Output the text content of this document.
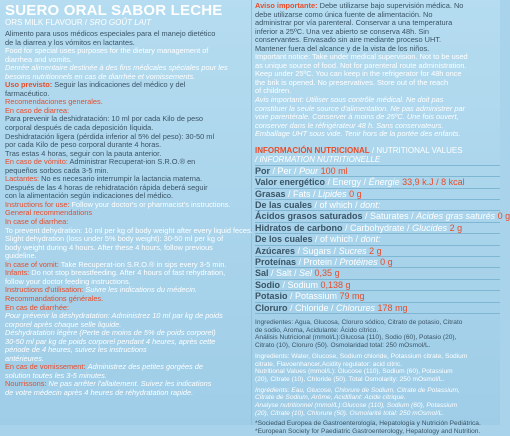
SUERO ORAL SABOR LECHE
ORS MILK FLAVOUR / SRO GOÛT LAIT

Alimento para usos médicos especiales para el manejo dietético

de la diarrea y los vómitos en lactantes.

Food for special uses purposes for the dietary management of

diarrhea and vomits.

Denrée alimentaire destinée à des fins médicales spéciales pour les

besoins nutritionnels en cas de diarrhée et vomissements.

Uso previsto: Seguir las indicaciones del médico y del

farmacéutico.

Recomendaciones generales.

En caso de diarrea:

Para prevenir la deshidratación: 10 ml por cada Kilo de peso

corporal después de cada deposición líquida.

Deshidratación ligera (pérdida inferior al 5% del peso): 30-50 ml

por cada Kilo de peso corporal durante 4 horas.

Tras estas 4 horas, seguir con la pauta anterior.

En caso de vómito: Administrar Recuperat-ion S.R.O.® en

pequeños sorbos cada 3-5 min.

Lactantes: No es necesario interrumpir la lactancia materna.

Después de las 4 horas de rehidratación rápida deberá seguir

con la alimentación según indicaciones del médico.

Instructions for use: Follow your doctor's or pharmacist's instructions.

General recommendations

In case of diarrhea:

To prevent dehydration: 10 ml per kg of body weight after every liquid feces.

Slight dehydration (loss under 5% body weight): 30-50 ml per kg of

body weight during 4 hours. After these 4 hours, follow previous

guideline.

In case of vomit: Take Recuperat-ion S.R.O.® in sips every 3-5 min.

Infants: Do not stop breastfeeding. After 4 hours of fast rehydration,

follow your doctor feeding instructions.

Instructions d'utilisation: Suivre les indications du médecin.

Recommandations générales.

En cas de diarrhée:

Pour prévenir la déshydratation: Administrez 10 ml par kg de poids

corporel après chaque selle liquide.

Déshydratation légère (Perte de moins de 5% de poids corporel)

30-50 ml par kg de poids corporel pendant 4 heures, après cette

période de 4 heures, suivez les instructions

antérieures.

En cas de vomissement: Administrez des petites gorgées de

solution toutes les 3-5 minutes.

Nourrissons: Ne pas arrêter l'allaitement. Suivez les indications

de votre médecin après 4 heures de réhydratation rapide.

Aviso importante: Debe utilizarse bajo supervisión médica. No

debe utilizarse como única fuente de alimentación. No

administrar por vía parenteral. Conservar a una temperatura

inferior a 25ºC. Una vez abierto se conserva 48h. Sin

conservantes. Envasado sin aire mediante proceso UHT.

Mantener fuera del alcance y de la vista de los niños.

Important notice: Take under medical supervision. Not to be used

as unique source of food. Not for parenteral route administration.

Keep under 25ºC. You can keep in the refrigerator for 48h once

the brik is opened. No preservatives. Store out of the reach

of children.

Avis important: Utiliser sous contrôle médical. Ne doit pas

constituer la seule source d'alimentation. Ne pas administrer par

voie parentérale. Conserver à moins de 25ºC. Une fois ouvert,

conserver dans le réfrigérateur 48 h. Sans conservateurs.

Emballage UHT sous vide. Tenir hors de la portée des enfants.

INFORMACIÓN NUTRICIONAL / NUTRITIONAL VALUES
/ INFORMATION NUTRITIONELLE
Por / Per / Pour 100 ml
Valor energético / Energy / Énergie 33,9 k.J / 8 kcal
Grasas / Fats / Lipides 0 g
De las cuales / of which / dont:
Ácidos grasos saturados / Saturates / Acides gras saturés 0 g
Hidratos de carbono / Carbohydrate / Glucides 2 g
De los cuales / of which / dont:
Azúcares / Sugars / Sucres 2 g
Proteínas / Protein / Protéines 0 g
Sal / Salt / Sel 0,35 g
Sodio / Sodium 0,138 g
Potasio / Potassium 79 mg
Cloruro / Chloride / Chlorures 178 mg

Ingredientes: Agua, Glucosa, Cloruro sódico, Citrato de potasio, Citrato

de sodio, Aroma, Acidulante: Ácido cítrico.

Análisis Nutricional (mmol/L):Glucosa (110), Sodio (60), Potasio (20),

Citrato (10), Cloruro (50). Osmolaridad total: 250 mOsmol/L.

Ingredients: Water, Glucose, Sodium chloride, Potassium citrate, Sodium

citrate, Flavoenhancer,Acidity regulator: acid citric.

Nutritional Values (mmol/L): Glucose (110), Sodium (60), Potassium

(20), Citrate (10), Chloride (50). Total Osmolarity: 250 mOsmol/L.

Ingrédients: Eau, Glucose, Chlorure de Sodium, Citrate de Potassium,

Citrate de Sodium, Arôme, Acidifiant: Acide citrique.

Analyse nutritionnel (mmol/L):Glucose (110), Sodium (60), Potassium

(20), Citrate (10), Chlorure (50). Osmolarité total: 250 mOsmol/L.

*Sociedad Europea de Gastroenterología, Hepatología y Nutrición Pediátrica.

*European Society for Paediatric Gastroenterology, Hepatology and Nutrition.
